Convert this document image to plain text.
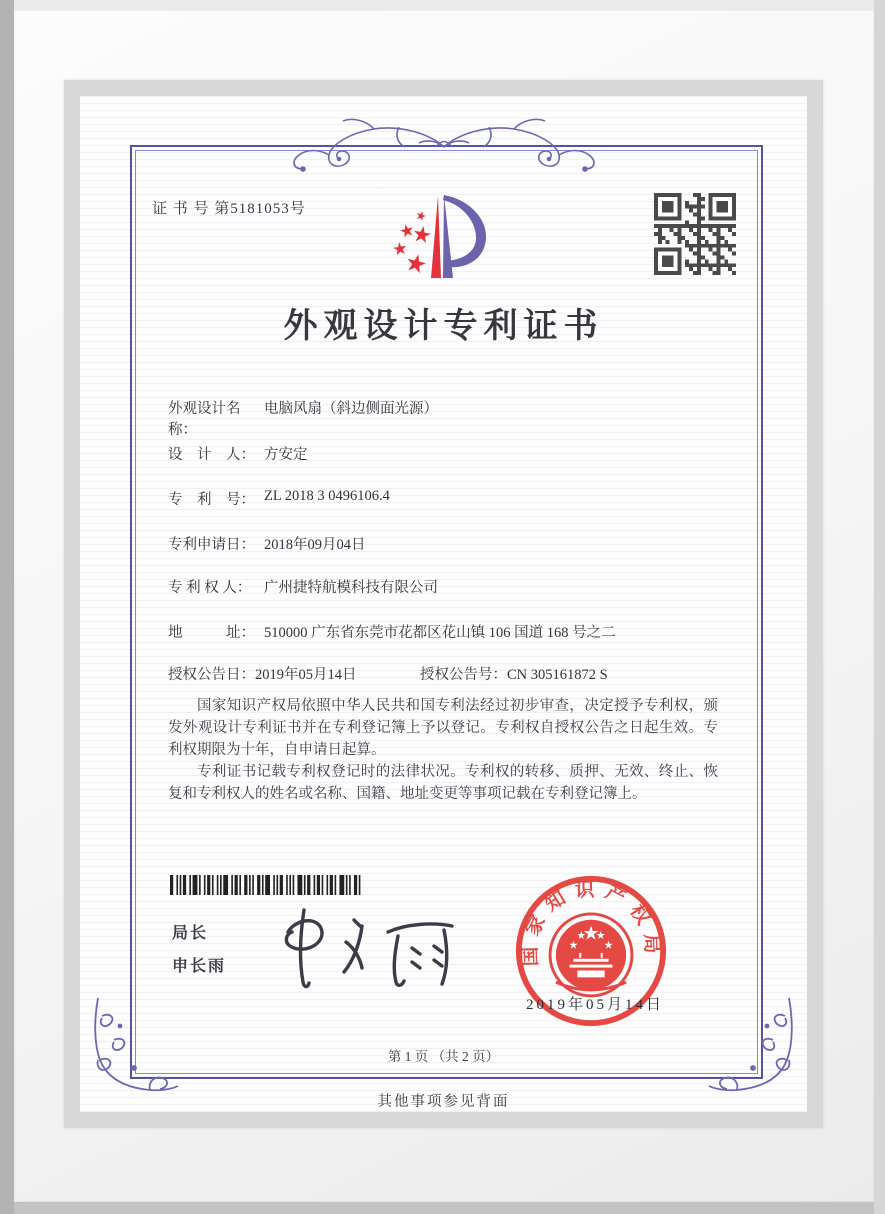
证 书 号 第5181053号
外观设计专利证书
外观设计名称：
电脑风扇（斜边侧面光源）
设　计　人： 方安定
专　利　号： ZL 2018 3 0496106.4
专利申请日： 2018年09月04日
专 利 权 人： 广州捷特航模科技有限公司
地　　　址： 510000 广东省东莞市花都区花山镇 106 国道 168 号之二
授权公告日：2019年05月14日	授权公告号：CN 305161872 S

国家知识产权局依照中华人民共和国专利法经过初步审查，决定授予专利权，颁发外观设计专利证书并在专利登记簿上予以登记。专利权自授权公告之日起生效。专利权期限为十年，自申请日起算。

专利证书记载专利权登记时的法律状况。专利权的转移、质押、无效、终止、恢复和专利权人的姓名或名称、国籍、地址变更等事项记载在专利登记簿上。

局长
申长雨
国家知识产权局
2019年05月14日
第 1 页 （共 2 页）
其他事项参见背面
